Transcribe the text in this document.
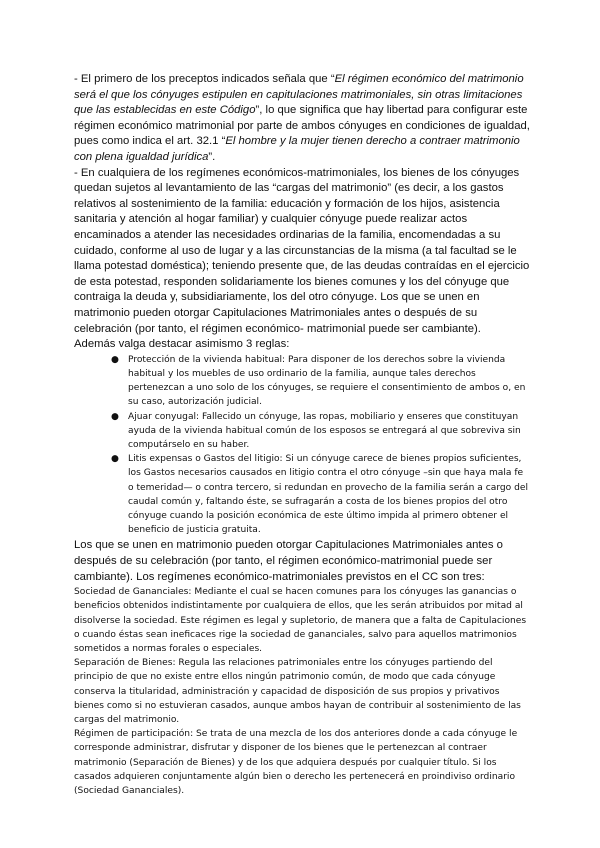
- El primero de los preceptos indicados señala que “El régimen económico del matrimonio será el que los cónyuges estipulen en capitulaciones matrimoniales, sin otras limitaciones que las establecidas en este Código”, lo que significa que hay libertad para configurar este régimen económico matrimonial por parte de ambos cónyuges en condiciones de igualdad, pues como indica el art. 32.1 “El hombre y la mujer tienen derecho a contraer matrimonio con plena igualdad jurídica”.

- En cualquiera de los regímenes económicos-matrimoniales, los bienes de los cónyuges quedan sujetos al levantamiento de las “cargas del matrimonio” (es decir, a los gastos relativos al sostenimiento de la familia: educación y formación de los hijos, asistencia sanitaria y atención al hogar familiar) y cualquier cónyuge puede realizar actos encaminados a atender las necesidades ordinarias de la familia, encomendadas a su cuidado, conforme al uso de lugar y a las circunstancias de la misma (a tal facultad se le llama potestad doméstica); teniendo presente que, de las deudas contraídas en el ejercicio de esta potestad, responden solidariamente los bienes comunes y los del cónyuge que contraiga la deuda y, subsidiariamente, los del otro cónyuge. Los que se unen en matrimonio pueden otorgar Capitulaciones Matrimoniales antes o después de su celebración (por tanto, el régimen económico- matrimonial puede ser cambiante).

Además valga destacar asimismo 3 reglas:

● Protección de la vivienda habitual: Para disponer de los derechos sobre la vivienda habitual y los muebles de uso ordinario de la familia, aunque tales derechos pertenezcan a uno solo de los cónyuges, se requiere el consentimiento de ambos o, en su caso, autorización judicial.
● Ajuar conyugal: Fallecido un cónyuge, las ropas, mobiliario y enseres que constituyan ayuda de la vivienda habitual común de los esposos se entregará al que sobreviva sin computárselo en su haber.
● Litis expensas o Gastos del litigio: Si un cónyuge carece de bienes propios suficientes, los Gastos necesarios causados en litigio contra el otro cónyuge –sin que haya mala fe o temeridad— o contra tercero, si redundan en provecho de la familia serán a cargo del caudal común y, faltando éste, se sufragarán a costa de los bienes propios del otro cónyuge cuando la posición económica de este último impida al primero obtener el beneficio de justicia gratuita.

Los que se unen en matrimonio pueden otorgar Capitulaciones Matrimoniales antes o después de su celebración (por tanto, el régimen económico-matrimonial puede ser cambiante). Los regímenes económico-matrimoniales previstos en el CC son tres:

Sociedad de Gananciales: Mediante el cual se hacen comunes para los cónyuges las ganancias o beneficios obtenidos indistintamente por cualquiera de ellos, que les serán atribuidos por mitad al disolverse la sociedad. Este régimen es legal y supletorio, de manera que a falta de Capitulaciones o cuando éstas sean ineficaces rige la sociedad de gananciales, salvo para aquellos matrimonios sometidos a normas forales o especiales.

Separación de Bienes: Regula las relaciones patrimoniales entre los cónyuges partiendo del principio de que no existe entre ellos ningún patrimonio común, de modo que cada cónyuge conserva la titularidad, administración y capacidad de disposición de sus propios y privativos bienes como si no estuvieran casados, aunque ambos hayan de contribuir al sostenimiento de las cargas del matrimonio.

Régimen de participación: Se trata de una mezcla de los dos anteriores donde a cada cónyuge le corresponde administrar, disfrutar y disponer de los bienes que le pertenezcan al contraer matrimonio (Separación de Bienes) y de los que adquiera después por cualquier título. Si los casados adquieren conjuntamente algún bien o derecho les pertenecerá en proindiviso ordinario (Sociedad Gananciales).
